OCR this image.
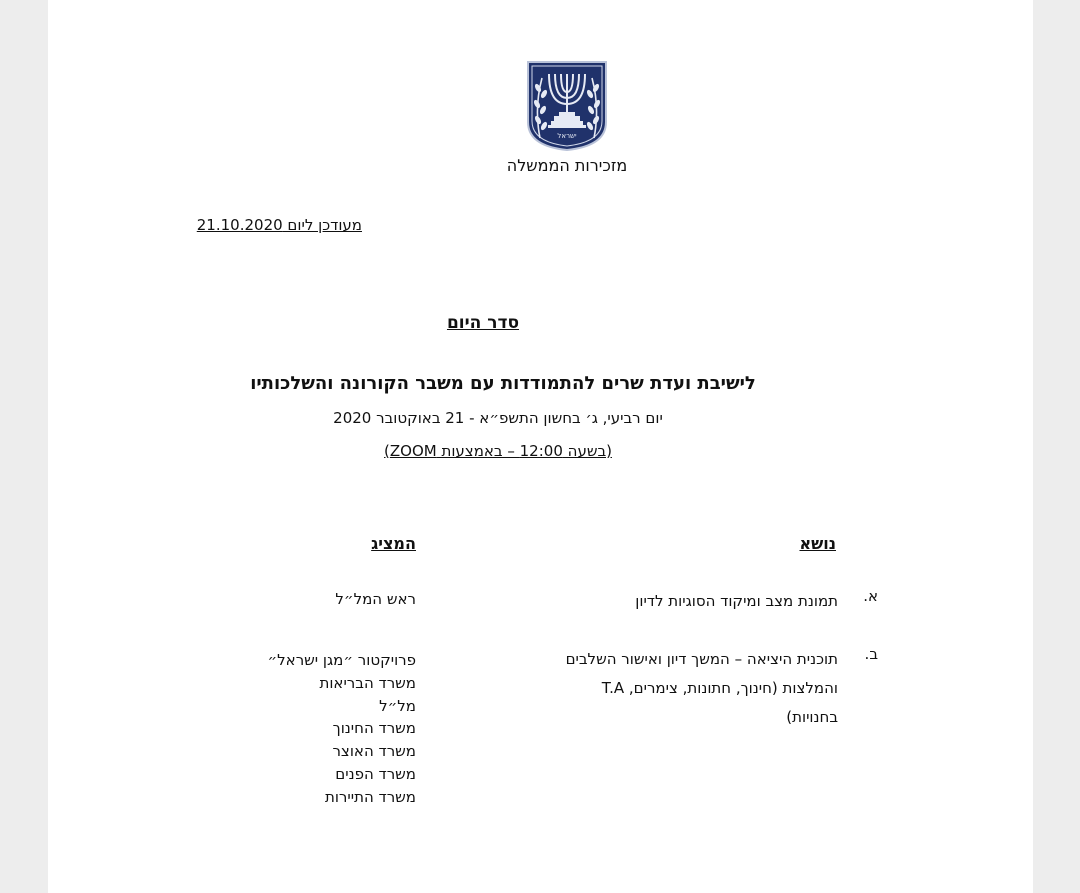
ישראל
מזכירות הממשלה
מעודכן ליום 21.10.2020
סדר היום
לישיבת ועדת שרים להתמודדות עם משבר הקורונה והשלכותיו
יום רביעי, ג׳ בחשון התשפ״א - 21 באוקטובר 2020
(בשעה 12:00 – באמצעות ZOOM)
נושא
המציג
א.
תמונת מצב ומיקוד הסוגיות לדיון
ראש המל״ל
ב.
תוכנית היציאה – המשך דיון ואישור השלבים והמלצות (חינוך, חתונות, צימרים, T.A בחנויות)
פרויקטור ״מגן ישראל״
משרד הבריאות
מל״ל
משרד החינוך
משרד האוצר
משרד הפנים
משרד התיירות
